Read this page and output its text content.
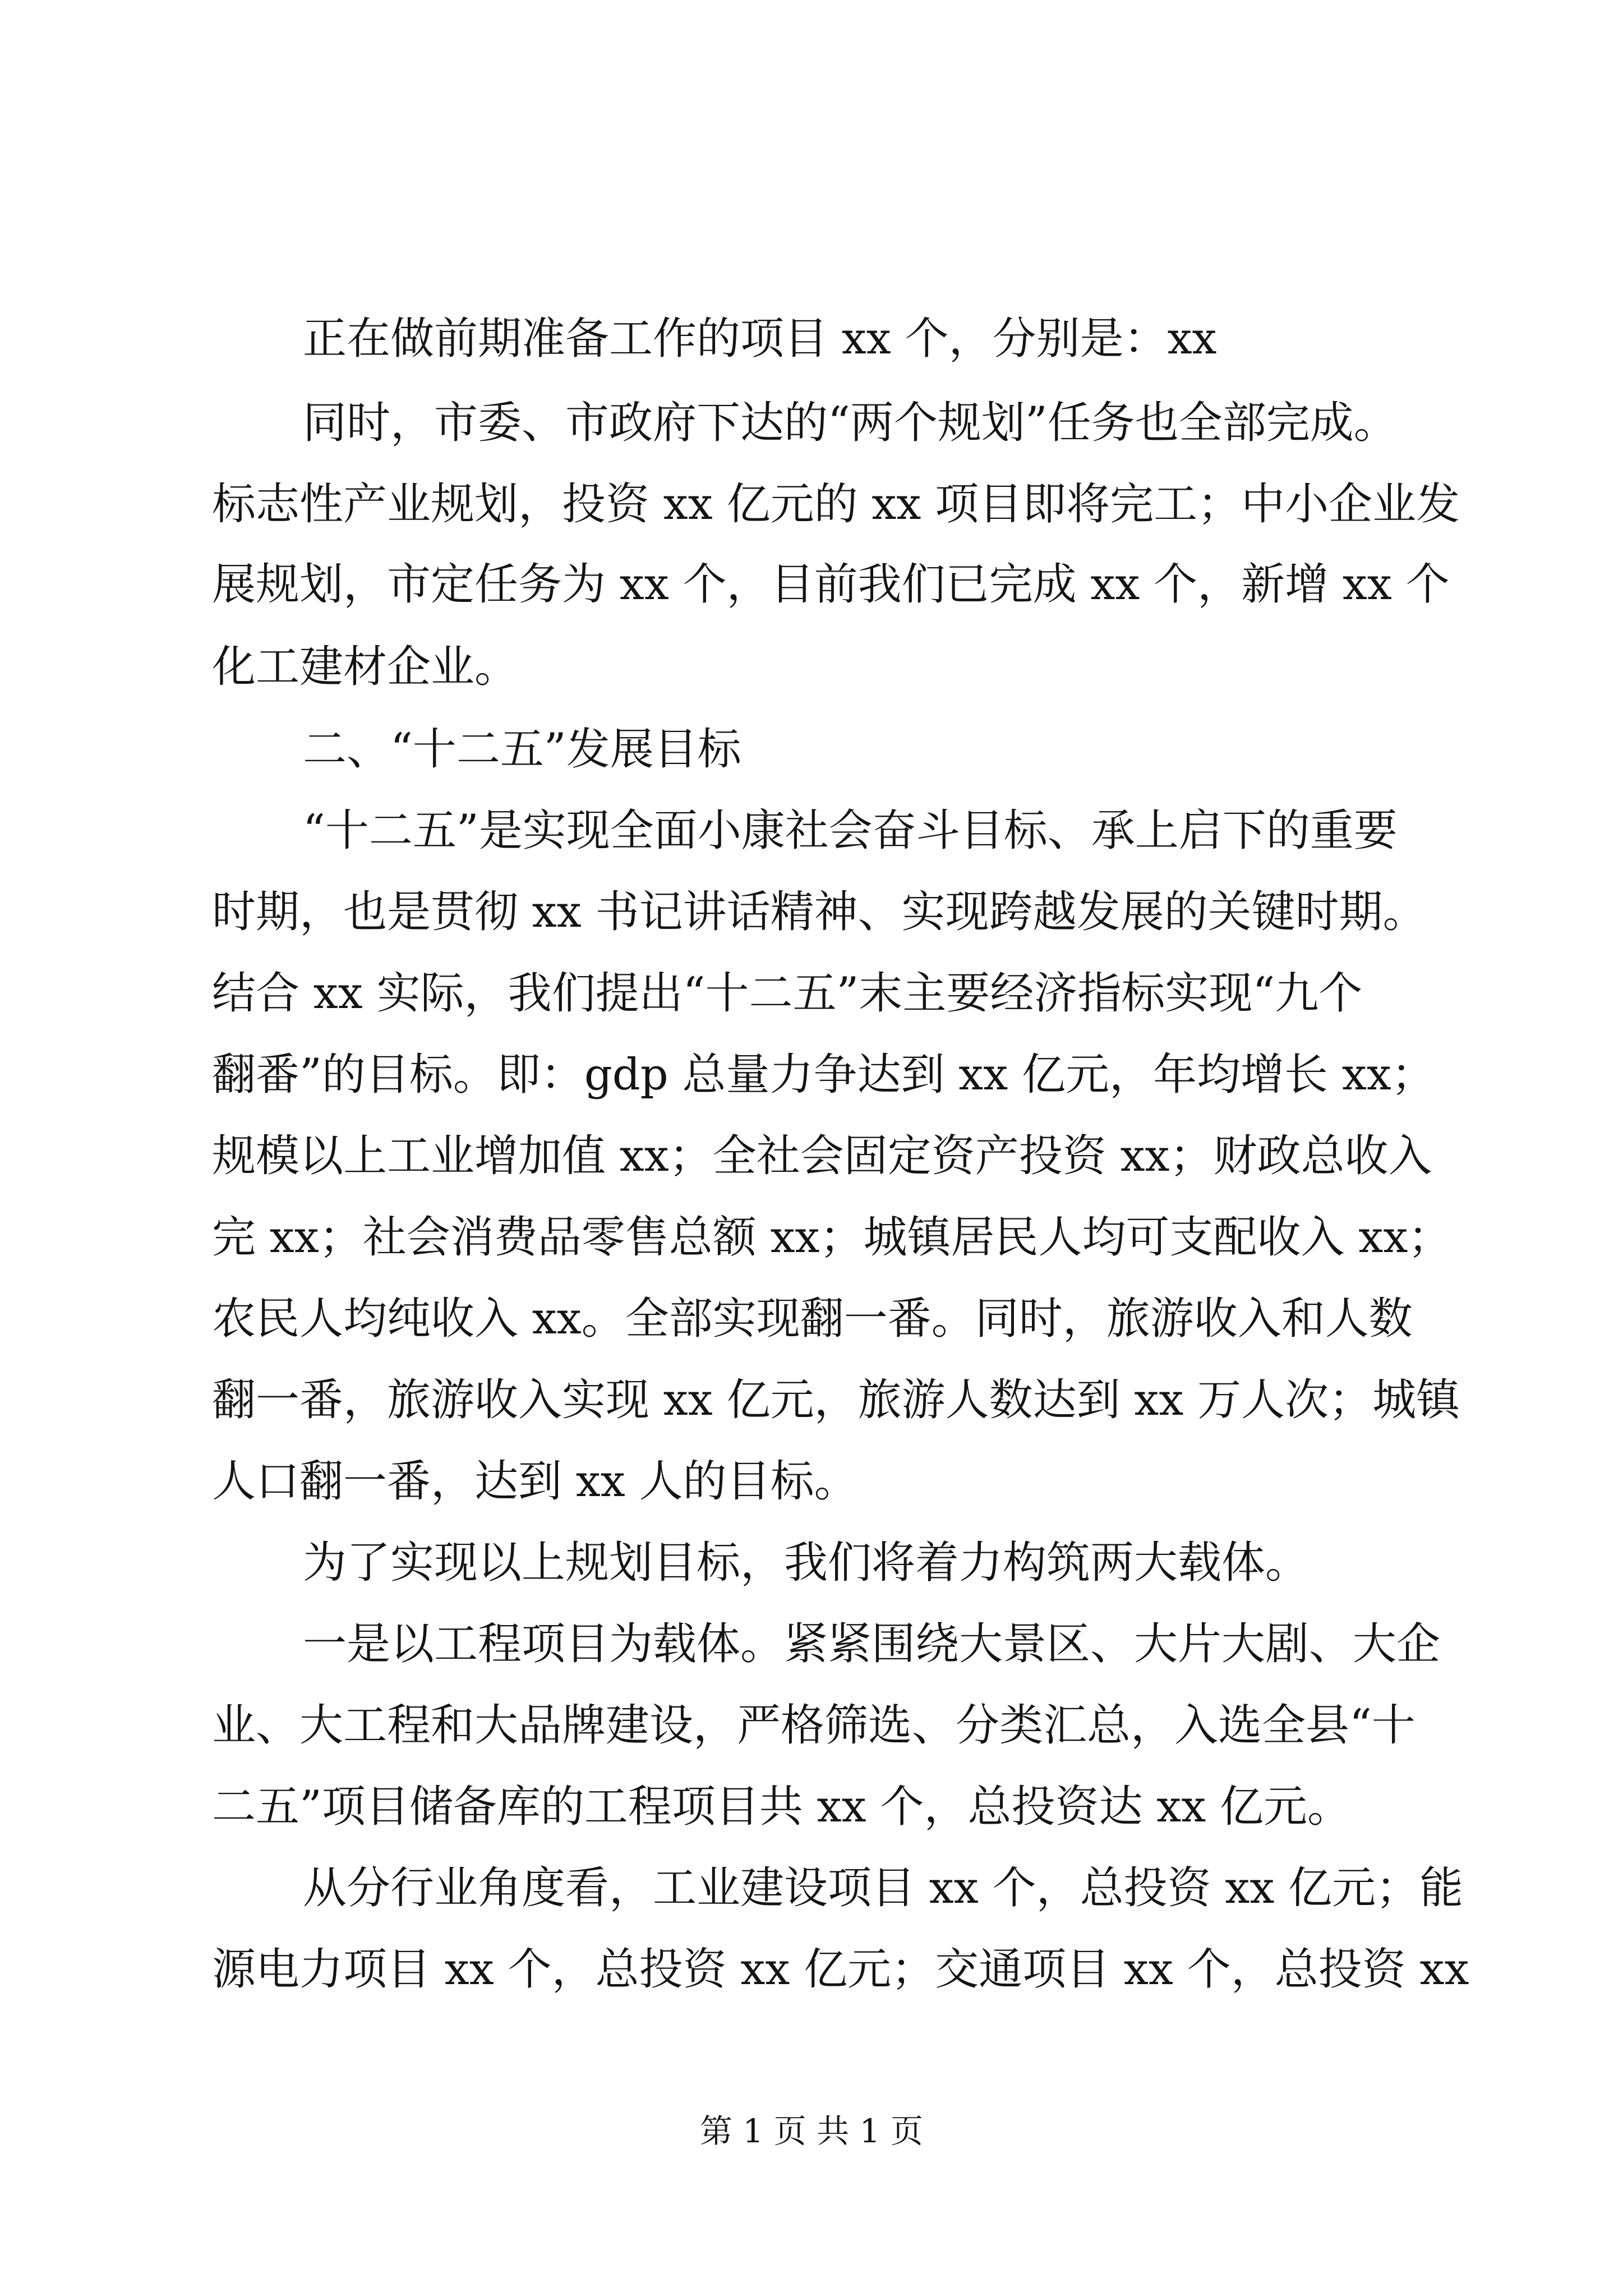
正在做前期准备工作的项目 xx 个，分别是：xx
同时，市委、市政府下达的“两个规划”任务也全部完成。
标志性产业规划，投资 xx 亿元的 xx 项目即将完工；中小企业发
展规划，市定任务为 xx 个，目前我们已完成 xx 个，新增 xx 个
化工建材企业。
二、“十二五”发展目标
“十二五”是实现全面小康社会奋斗目标、承上启下的重要
时期，也是贯彻 xx 书记讲话精神、实现跨越发展的关键时期。
结合 xx 实际，我们提出“十二五”末主要经济指标实现“九个
翻番”的目标。即：gdp 总量力争达到 xx 亿元，年均增长 xx；
规模以上工业增加值 xx；全社会固定资产投资 xx；财政总收入
完 xx；社会消费品零售总额 xx；城镇居民人均可支配收入 xx；
农民人均纯收入 xx。全部实现翻一番。同时，旅游收入和人数
翻一番，旅游收入实现 xx 亿元，旅游人数达到 xx 万人次；城镇
人口翻一番，达到 xx 人的目标。
为了实现以上规划目标，我们将着力构筑两大载体。
一是以工程项目为载体。紧紧围绕大景区、大片大剧、大企
业、大工程和大品牌建设，严格筛选、分类汇总，入选全县“十
二五”项目储备库的工程项目共 xx 个，总投资达 xx 亿元。
从分行业角度看，工业建设项目 xx 个，总投资 xx 亿元；能
源电力项目 xx 个，总投资 xx 亿元；交通项目 xx 个，总投资 xx
第 1 页 共 1 页
